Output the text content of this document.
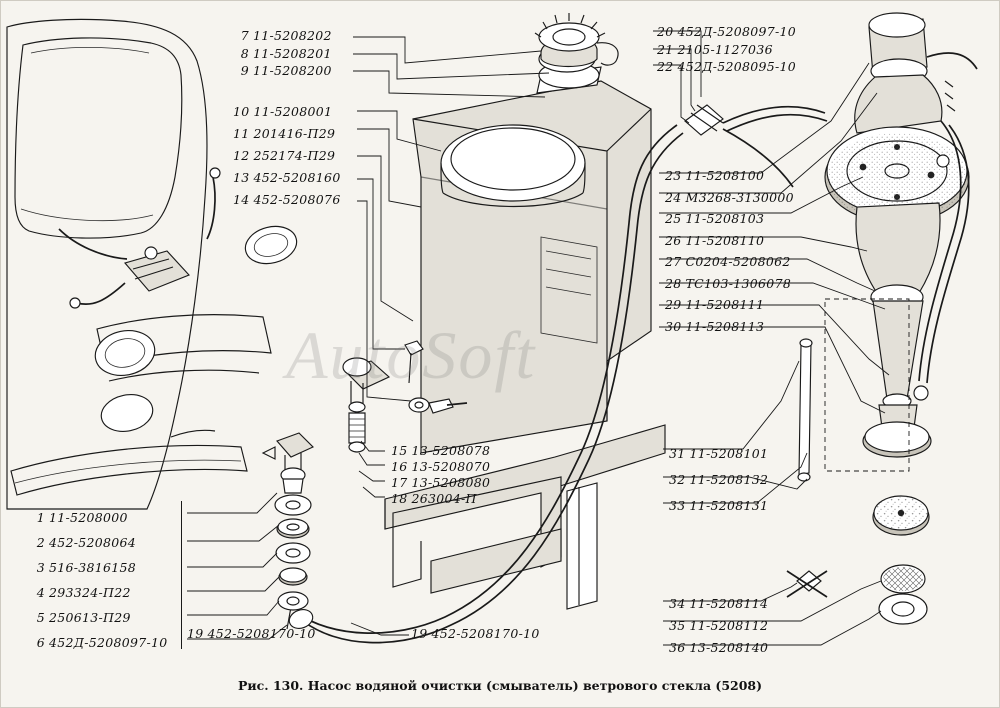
AutoSoft
7 11-5208202
8 11-5208201
9 11-5208200
10 11-5208001
11 201416-П29
12 252174-П29
13 452-5208160
14 452-5208076
20 452Д-5208097-10
21 2105-1127036
22 452Д-5208095-10
23 11-5208100
24 М3268-3130000
25 11-5208103
26 11-5208110
27 С0204-5208062
28 ТС103-1306078
29 11-5208111
30 11-5208113
31 11-5208101
32 11-5208132
33 11-5208131
34 11-5208114
35 11-5208112
36 13-5208140
15 13-5208078
16 13-5208070
17 13-5208080
18 263004-П
1 11-5208000
2 452-5208064
3 516-3816158
4 293324-П22
5 250613-П29
6 452Д-5208097-10
19 452-5208170-10	19 452-5208170-10
Рис. 130. Насос водяной очистки (смыватель) ветрового стекла (5208)
